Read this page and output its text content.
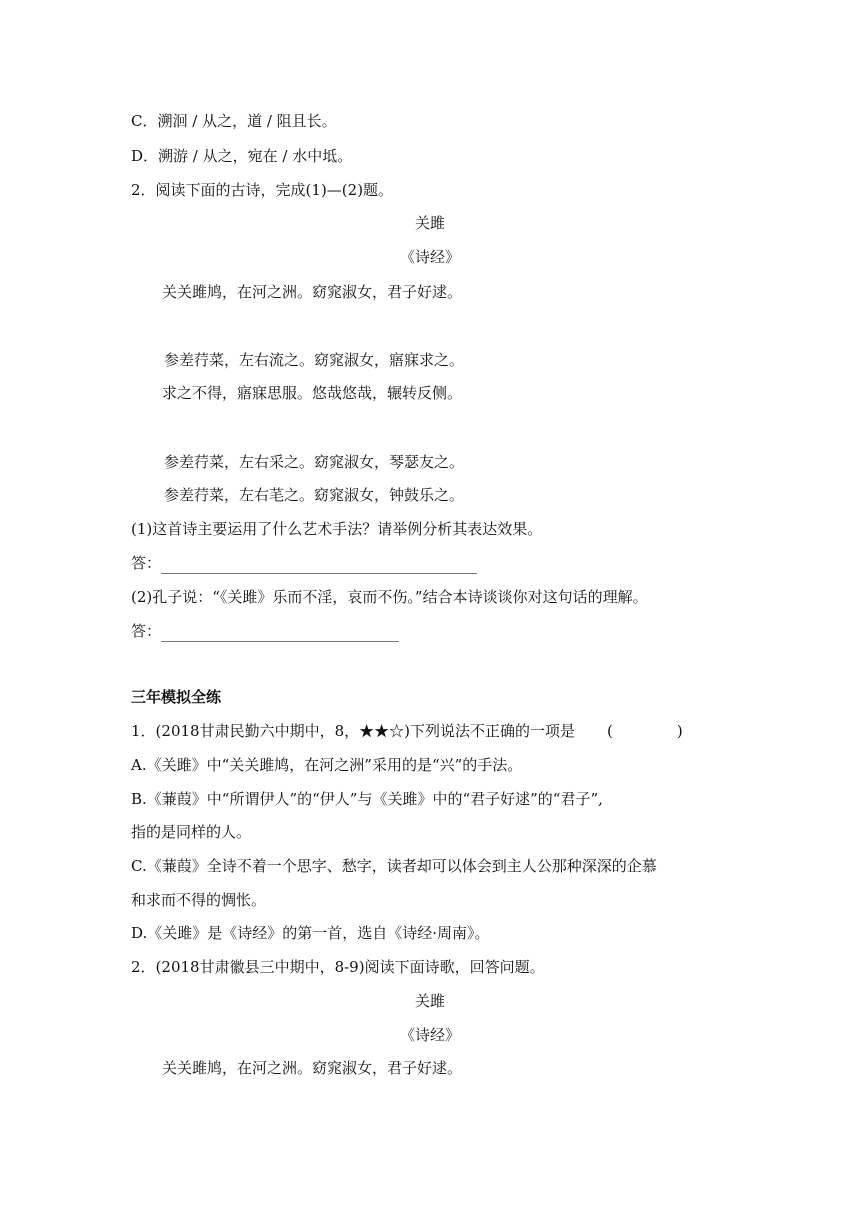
C．溯洄 / 从之，道 / 阻且长。
D．溯游 / 从之，宛在 / 水中坻。
2．阅读下面的古诗，完成(1)—(2)题。
关雎
《诗经》
关关雎鸠，在河之洲。窈窕淑女，君子好逑。
参差荇菜，左右流之。窈窕淑女，寤寐求之。
求之不得，寤寐思服。悠哉悠哉，辗转反侧。
参差荇菜，左右采之。窈窕淑女，琴瑟友之。
参差荇菜，左右芼之。窈窕淑女，钟鼓乐之。
(1)这首诗主要运用了什么艺术手法？请举例分析其表达效果。
答：
(2)孔子说：“《关雎》乐而不淫，哀而不伤。”结合本诗谈谈你对这句话的理解。
答：
三年模拟全练
1．(2018甘肃民勤六中期中，8，★★☆)下列说法不正确的一项是 (	)
A.《关雎》中“关关雎鸠，在河之洲”采用的是“兴”的手法。
B.《蒹葭》中“所谓伊人”的“伊人”与《关雎》中的“君子好逑”的“君子”,
指的是同样的人。
C.《蒹葭》全诗不着一个思字、愁字，读者却可以体会到主人公那种深深的企慕
和求而不得的惆怅。
D.《关雎》是《诗经》的第一首，选自《诗经·周南》。
2．(2018甘肃徽县三中期中，8-9)阅读下面诗歌，回答问题。
关雎
《诗经》
关关雎鸠，在河之洲。窈窕淑女，君子好逑。
